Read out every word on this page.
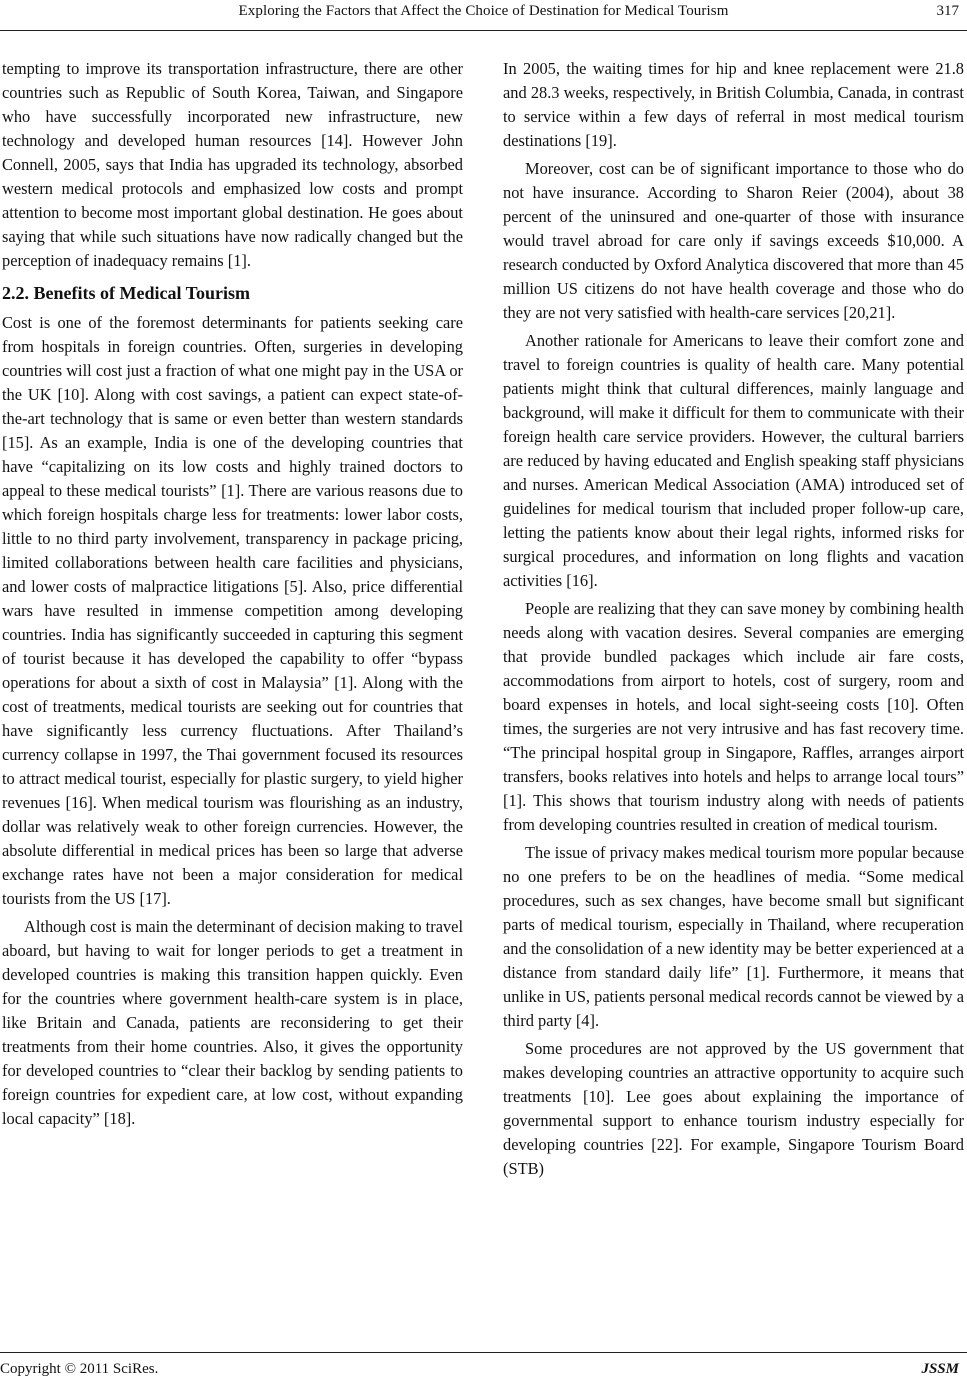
Exploring the Factors that Affect the Choice of Destination for Medical Tourism	317

tempting to improve its transportation infrastructure, there are other countries such as Republic of South Korea, Taiwan, and Singapore who have successfully incorporated new infrastructure, new technology and developed human resources [14]. However John Connell, 2005, says that India has upgraded its technology, absorbed western medical protocols and emphasized low costs and prompt attention to become most important global destination. He goes about saying that while such situations have now radically changed but the perception of inadequacy remains [1].

2.2. Benefits of Medical Tourism

Cost is one of the foremost determinants for patients seeking care from hospitals in foreign countries. Often, surgeries in developing countries will cost just a fraction of what one might pay in the USA or the UK [10]. Along with cost savings, a patient can expect state-of-the-art technology that is same or even better than western standards [15]. As an example, India is one of the developing countries that have “capitalizing on its low costs and highly trained doctors to appeal to these medical tourists” [1]. There are various reasons due to which foreign hospitals charge less for treatments: lower labor costs, little to no third party involvement, transparency in package pricing, limited collaborations between health care facilities and physicians, and lower costs of malpractice litigations [5]. Also, price differential wars have resulted in immense competition among developing countries. India has significantly succeeded in capturing this segment of tourist because it has developed the capability to offer “bypass operations for about a sixth of cost in Malaysia” [1]. Along with the cost of treatments, medical tourists are seeking out for countries that have significantly less currency fluctuations. After Thailand’s currency collapse in 1997, the Thai government focused its resources to attract medical tourist, especially for plastic surgery, to yield higher revenues [16]. When medical tourism was flourishing as an industry, dollar was relatively weak to other foreign currencies. However, the absolute differential in medical prices has been so large that adverse exchange rates have not been a major consideration for medical tourists from the US [17].

Although cost is main the determinant of decision making to travel aboard, but having to wait for longer periods to get a treatment in developed countries is making this transition happen quickly. Even for the countries where government health-care system is in place, like Britain and Canada, patients are reconsidering to get their treatments from their home countries. Also, it gives the opportunity for developed countries to “clear their backlog by sending patients to foreign countries for expedient care, at low cost, without expanding local capacity” [18].

In 2005, the waiting times for hip and knee replacement were 21.8 and 28.3 weeks, respectively, in British Columbia, Canada, in contrast to service within a few days of referral in most medical tourism destinations [19].

Moreover, cost can be of significant importance to those who do not have insurance. According to Sharon Reier (2004), about 38 percent of the uninsured and one-quarter of those with insurance would travel abroad for care only if savings exceeds $10,000. A research conducted by Oxford Analytica discovered that more than 45 million US citizens do not have health coverage and those who do they are not very satisfied with health-care services [20,21].

Another rationale for Americans to leave their comfort zone and travel to foreign countries is quality of health care. Many potential patients might think that cultural differences, mainly language and background, will make it difficult for them to communicate with their foreign health care service providers. However, the cultural barriers are reduced by having educated and English speaking staff physicians and nurses. American Medical Association (AMA) introduced set of guidelines for medical tourism that included proper follow-up care, letting the patients know about their legal rights, informed risks for surgical procedures, and information on long flights and vacation activities [16].

People are realizing that they can save money by combining health needs along with vacation desires. Several companies are emerging that provide bundled packages which include air fare costs, accommodations from airport to hotels, cost of surgery, room and board expenses in hotels, and local sight-seeing costs [10]. Often times, the surgeries are not very intrusive and has fast recovery time. “The principal hospital group in Singapore, Raffles, arranges airport transfers, books relatives into hotels and helps to arrange local tours” [1]. This shows that tourism industry along with needs of patients from developing countries resulted in creation of medical tourism.

The issue of privacy makes medical tourism more popular because no one prefers to be on the headlines of media. “Some medical procedures, such as sex changes, have become small but significant parts of medical tourism, especially in Thailand, where recuperation and the consolidation of a new identity may be better experienced at a distance from standard daily life” [1]. Furthermore, it means that unlike in US, patients personal medical records cannot be viewed by a third party [4].

Some procedures are not approved by the US government that makes developing countries an attractive opportunity to acquire such treatments [10]. Lee goes about explaining the importance of governmental support to enhance tourism industry especially for developing countries [22]. For example, Singapore Tourism Board (STB)

Copyright © 2011 SciRes.	JSSM
